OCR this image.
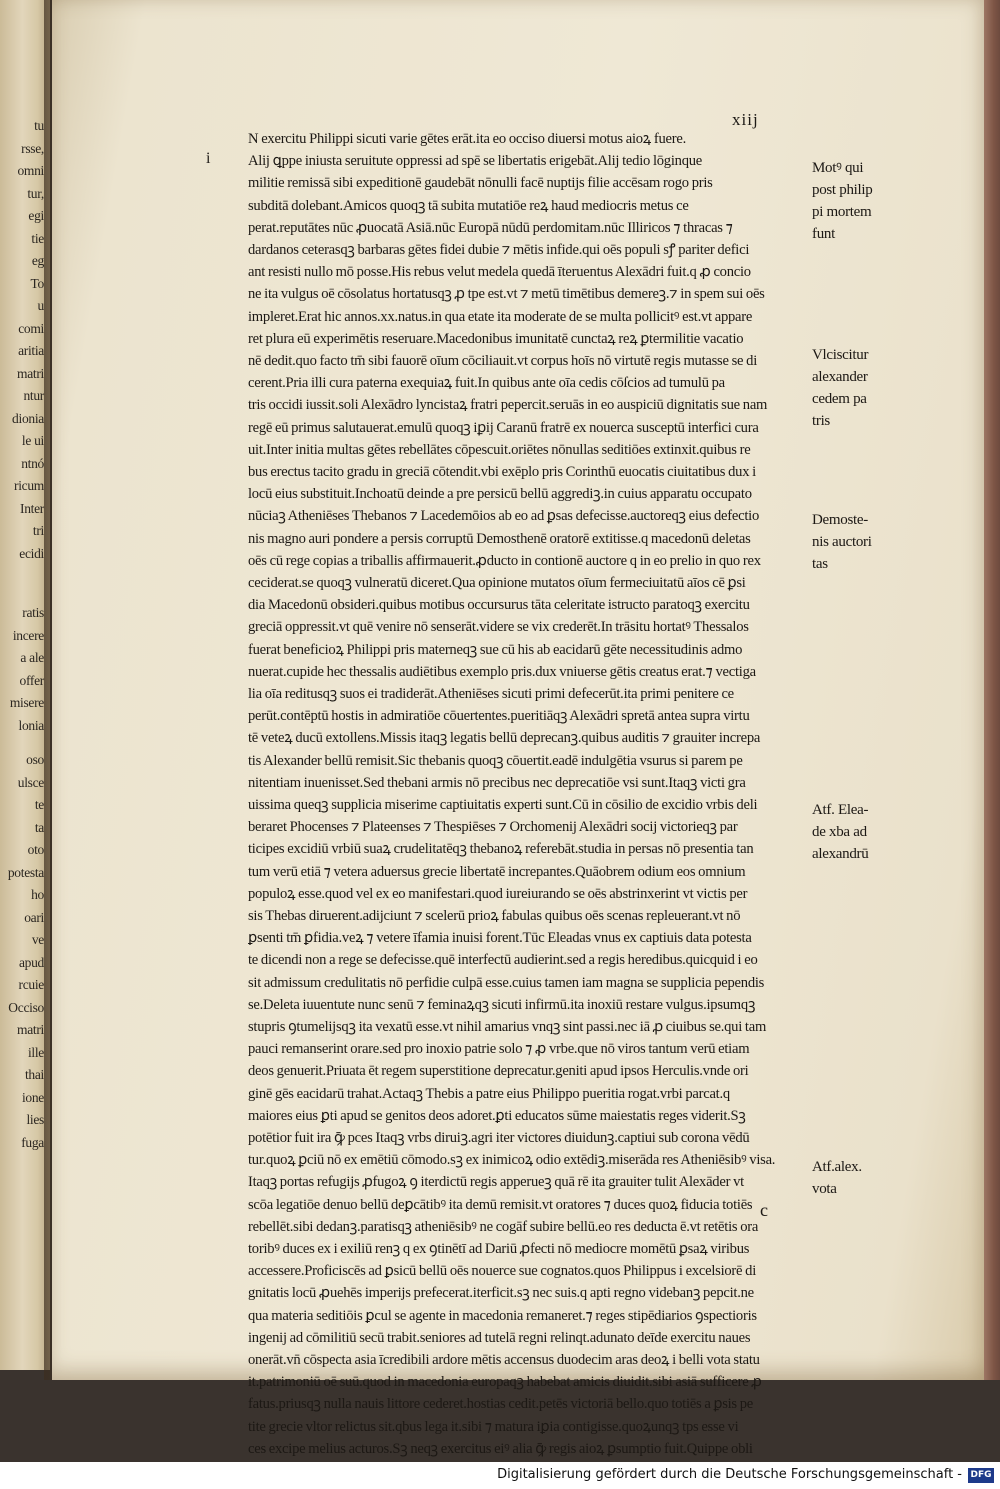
tu
rsse,
omni
tur,
egi
tie
eg
To
u
comi
aritia
matri
ntur
dionia
le ui
ntnó
ricum
Inter
tri
ecidi
ratis
incere
a ale
offer
misere
lonia
oso
ulsce
te
ta
oto
potesta
ho
oari
ve
apud
rcuie
Occiso
matri
ille
thai
ione
lies
fuga
xiij
i
N exercitu Philippi sicuti varie gētes erāt.ita eo occiso diuersi motus aioꝝ fuere.
Alij ꝗppe iniusta seruitute oppressi ad spē se libertatis erigebāt.Alij tedio lōginque
militie remissā sibi expeditionē gaudebāt nōnulli facē nuptijs filie accēsam rogo pris
subditā dolebant.Amicos quoqꝫ tā subita mutatiōe reꝝ haud mediocris metus ce
perat.reputātes nūc ꝓuocatā Asiā.nūc Europā nūdū perdomitam.nūc Illiricos ⁊ thracas ⁊
dardanos ceterasqꝫ barbaras gētes fidei dubie ⁊ mētis infide.qui oēs populi sꝭ pariter defici
ant resisti nullo mō posse.His rebus velut medela quedā īteruentus Alexādri fuit.q ꝓ concio
ne ita vulgus oē cōsolatus hortatusqꝫ ꝓ tpe est.vt ⁊ metū timētibus demereꝫ.⁊ in spem sui oēs
impleret.Erat hic annos.xx.natus.in qua etate ita moderate de se multa pollicitꝰ est.vt appare
ret plura eū experimētis reseruare.Macedonibus imunitatē cunctaꝝ reꝝ ꝑtermilitie vacatio
nē dedit.quo facto tm̄ sibi fauorē oīum cōciliauit.vt corpus hoīs nō virtutē regis mutasse se di
cerent.Pria illi cura paterna exequiaꝝ fuit.In quibus ante oīa cedis cōſcios ad tumulū pa
tris occidi iussit.soli Alexādro lyncistaꝝ fratri pepercit.seruās in eo auspiciū dignitatis sue nam
regē eū primus salutauerat.emulū quoqꝫ iꝑij Caranū fratrē ex nouerca susceptū interfici cura
uit.Inter initia multas gētes rebellātes cōpescuit.oriētes nōnullas seditiōes extinxit.quibus re
bus erectus tacito gradu in greciā cōtendit.vbi exēplo pris Corinthū euocatis ciuitatibus dux i
locū eius substituit.Inchoatū deinde a pre persicū bellū aggrediꝫ.in cuius apparatu occupato
nūciaꝫ Atheniēses Thebanos ⁊ Lacedemōios ab eo ad ꝑsas defecisse.auctoreqꝫ eius defectio
nis magno auri pondere a persis corruptū Demosthenē oratorē extitisse.q macedonū deletas
oēs cū rege copias a triballis affirmauerit.ꝓducto in contionē auctore q in eo prelio in quo rex
ceciderat.se quoqꝫ vulneratū diceret.Qua opinione mutatos oīum fermeciuitatū aīos cē ꝑsi
dia Macedonū obsideri.quibus motibus occursurus tāta celeritate istructo paratoqꝫ exercitu
greciā oppressit.vt quē venire nō senserāt.videre se vix crederēt.In trāsitu hortatꝰ Thessalos
fuerat beneficioꝝ Philippi pris materneqꝫ sue cū his ab eacidarū gēte necessitudinis admo
nuerat.cupide hec thessalis audiētibus exemplo pris.dux vniuerse gētis creatus erat.⁊ vectiga
lia oīa reditusqꝫ suos ei tradiderāt.Atheniēses sicuti primi defecerūt.ita primi penitere ce
perūt.contēptū hostis in admiratiōe cōuertentes.pueritiāqꝫ Alexādri spretā antea supra virtu
tē veteꝝ ducū extollens.Missis itaqꝫ legatis bellū deprecanꝫ.quibus auditis ⁊ grauiter increpa
tis Alexander bellū remisit.Sic thebanis quoqꝫ cōuertit.eadē indulgētia vsurus si parem pe
nitentiam inuenisset.Sed thebani armis nō precibus nec deprecatiōe vsi sunt.Itaqꝫ victi gra
uissima queqꝫ supplicia miserime captiuitatis experti sunt.Cū in cōsilio de excidio vrbis deli
beraret Phocenses ⁊ Plateenses ⁊ Thespiēses ⁊ Orchomenij Alexādri socij victorieqꝫ par
ticipes excidiū vrbiū suaꝝ crudelitatēqꝫ thebanoꝝ referebāt.studia in persas nō presentia tan
tum verū etiā ⁊ vetera aduersus grecie libertatē increpantes.Quāobrem odium eos omnium
populoꝝ esse.quod vel ex eo manifestari.quod iureiurando se oēs abstrinxerint vt victis per
sis Thebas diruerent.adijciunt ⁊ scelerū prioꝝ fabulas quibus oēs scenas repleuerant.vt nō
ꝑsenti tm̄ ꝑfidia.veꝝ ⁊ vetere īfamia inuisi forent.Tūc Eleadas vnus ex captiuis data potesta
te dicendi non a rege se defecisse.quē interfectū audierint.sed a regis heredibus.quicquid i eo
sit admissum credulitatis nō perfidie culpā esse.cuius tamen iam magna se supplicia pependis
se.Deleta iuuentute nunc senū ⁊ feminaꝝqꝫ sicuti infirmū.ita inoxiū restare vulgus.ipsumqꝫ
stupris ꝯtumelijsqꝫ ita vexatū esse.vt nihil amarius vnqꝫ sint passi.nec iā ꝓ ciuibus se.qui tam
pauci remanserint orare.sed pro inoxio patrie solo ⁊ ꝓ vrbe.que nō viros tantum verū etiam
deos genuerit.Priuata ēt regem superstitione deprecatur.geniti apud ipsos Herculis.vnde ori
ginē gēs eacidarū trahat.Actaqꝫ Thebis a patre eius Philippo pueritia rogat.vrbi parcat.q
maiores eius ꝑti apud se genitos deos adoret.ꝑti educatos sūme maiestatis reges viderit.Sꝫ
potētior fuit ira ꝙ̄ pces Itaqꝫ vrbs diruiꝫ.agri iter victores diuidunꝫ.captiui sub corona vēdū
tur.quoꝝ ꝑciū nō ex emētiū cōmodo.sꝫ ex inimicoꝝ odio extēdiꝫ.miserāda res Atheniēsibꝰ visa.
Itaqꝫ portas refugijs ꝓfugoꝝ ꝯ iterdictū regis apperueꝫ quā rē ita grauiter tulit Alexāder vt
scōa legatiōe denuo bellū deꝑcātibꝰ ita demū remisit.vt oratores ⁊ duces quoꝝ fiducia totiēs
rebellēt.sibi dedanꝫ.paratisqꝫ atheniēsibꝰ ne cogāf subire bellū.eo res deducta ē.vt retētis ora
toribꝰ duces ex i exiliū renꝫ q ex ꝯtinētī ad Dariū ꝓfecti nō mediocre momētū ꝑsaꝝ viribus
accessere.Proficiscēs ad ꝑsicū bellū oēs nouerce sue cognatos.quos Philippus i excelsiorē di
gnitatis locū ꝓuehēs imperijs prefecerat.iterficit.sꝫ nec suis.q apti regno videbanꝫ pepcit.ne
qua materia seditiōis ꝑcul se agente in macedonia remaneret.⁊ reges stipēdiarios ꝯspectioris
ingenij ad cōmilitiū secū trabit.seniores ad tutelā regni relinqt.adunato deīde exercitu naues
onerāt.vn̄ cōspecta asia īcredibili ardore mētis accensus duodecim aras deoꝝ i belli vota statu
it.patrimoniū oē suū.quod in macedonia europaqꝫ habebat amicis diuidit.sibi asiā sufficere ꝓ
fatus.priusqꝫ nulla nauis littore cederet.hostias cedit.petēs victoriā bello.quo totiēs a ꝑsis pe
tite grecie vltor relictus sit.qbus lega it.sibi ⁊ matura iꝑia contigisse.quoꝝunqꝫ tps esse vi
ces excipe melius acturos.Sꝫ neqꝫ exercitus eiꝰ alia ꝙ̄ regis aioꝝ ꝑsumptio fuit.Quippe obli
Motꝰ qui
post philip
pi mortem
funt
Vlciscitur
alexander
cedem pa
tris
Demoste-
nis auctori
tas
Atf. Elea-
de xba ad
alexandrū
Atf.alex.
vota
c
Digitalisierung gefördert durch die Deutsche Forschungsgemeinschaft - DFG
